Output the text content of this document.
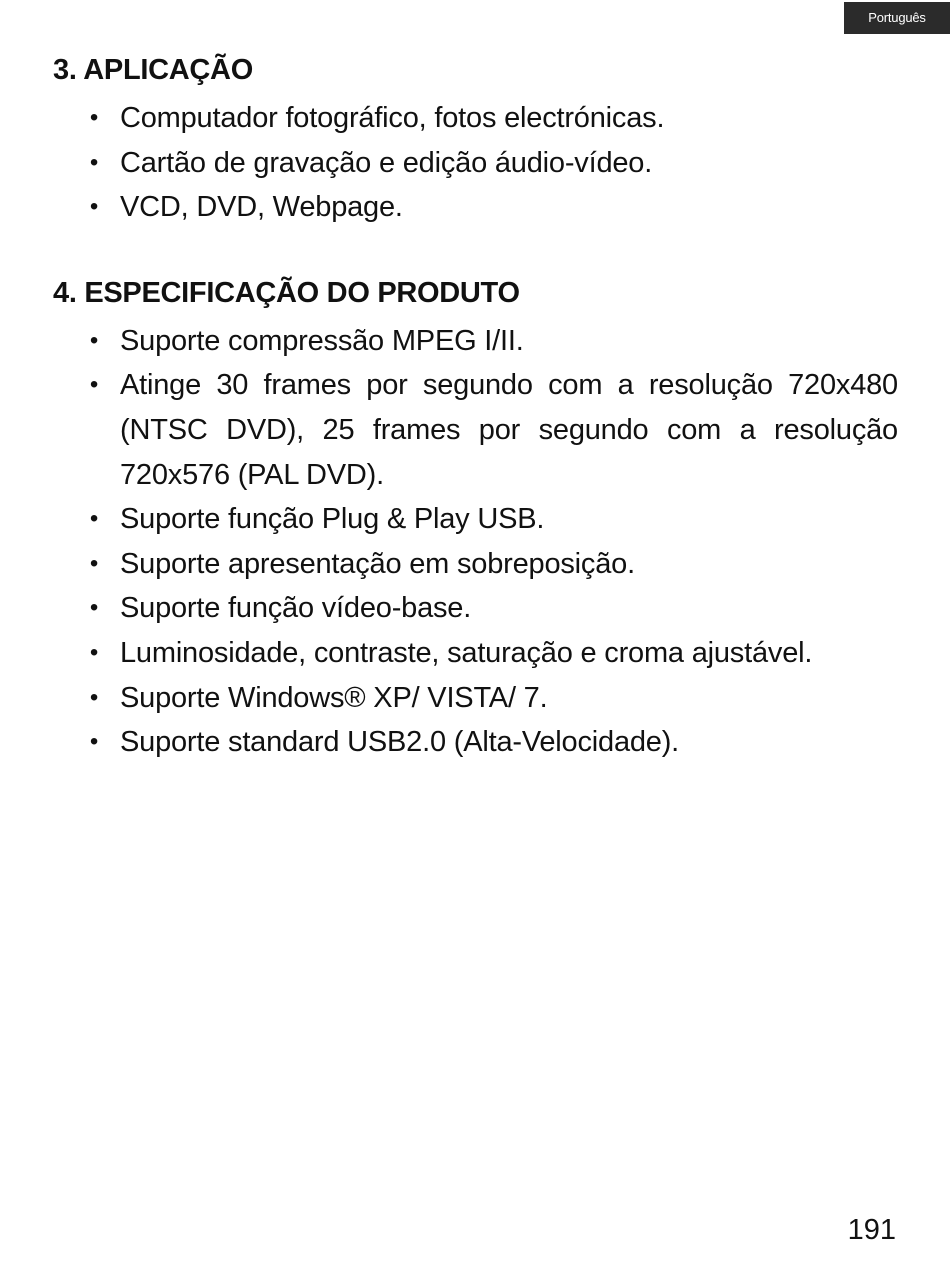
Português
3. APLICAÇÃO
• Computador fotográfico, fotos electrónicas.
• Cartão de gravação e edição áudio-vídeo.
• VCD, DVD, Webpage.
4. ESPECIFICAÇÃO DO PRODUTO
• Suporte compressão MPEG I/II.
• Atinge 30 frames por segundo com a resolução 720x480 (NTSC DVD), 25 frames por segundo com a resolução 720x576 (PAL DVD).
• Suporte função Plug & Play USB.
• Suporte apresentação em sobreposição.
• Suporte função vídeo-base.
• Luminosidade, contraste, saturação e croma ajustável.
• Suporte Windows® XP/ VISTA/ 7.
• Suporte standard USB2.0 (Alta-Velocidade).
191
